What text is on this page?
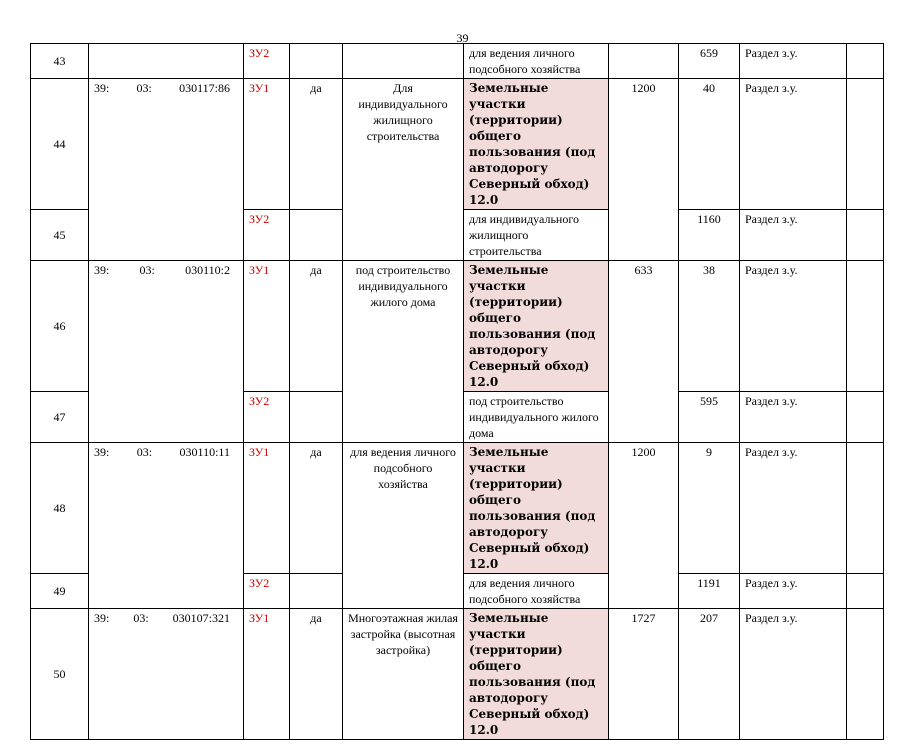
39
43		ЗУ2			для ведения личного подсобного хозяйства		659	Раздел з.у.	
44	39: 03: 030117:86	ЗУ1	да	Для индивидуального жилищного строительства	Земельные участки (территории) общего пользования (под автодорогу Северный обход) 12.0	1200	40	Раздел з.у.	
45		ЗУ2			для индивидуального жилищного строительства		1160	Раздел з.у.	
46	39: 03: 030110:2	ЗУ1	да	под строительство индивидуального жилого дома	Земельные участки (территории) общего пользования (под автодорогу Северный обход) 12.0	633	38	Раздел з.у.	
47		ЗУ2			под строительство индивидуального жилого дома		595	Раздел з.у.	
48	39: 03: 030110:11	ЗУ1	да	для ведения личного подсобного хозяйства	Земельные участки (территории) общего пользования (под автодорогу Северный обход) 12.0	1200	9	Раздел з.у.	
49		ЗУ2			для ведения личного подсобного хозяйства		1191	Раздел з.у.	
50	39: 03: 030107:321	ЗУ1	да	Многоэтажная жилая застройка (высотная застройка)	Земельные участки (территории) общего пользования (под автодорогу Северный обход) 12.0	1727	207	Раздел з.у.	
